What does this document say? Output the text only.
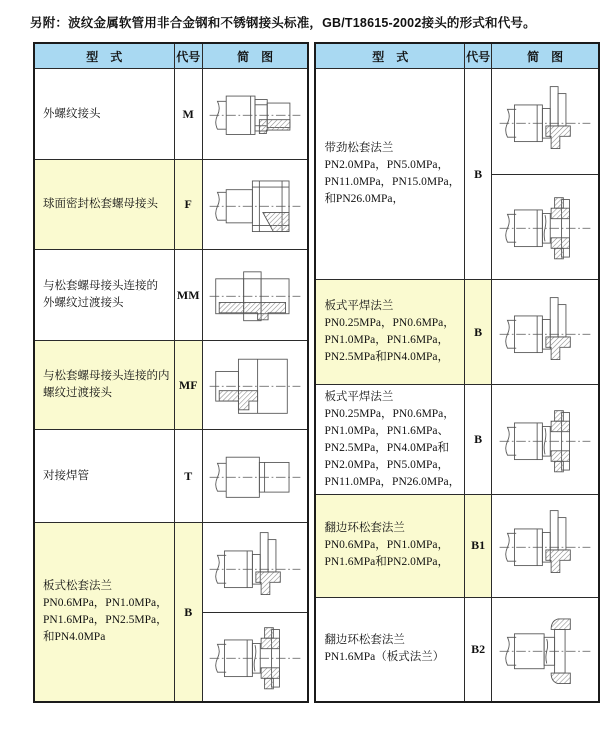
另附：波纹金属软管用非合金钢和不锈钢接头标准，GB/T18615-2002接头的形式和代号。
型　式	代号	简　图

外螺纹接头	M	

球面密封松套螺母接头	F	

与松套螺母接头连接的
外螺纹过渡接头	MM	

与松套螺母接头连接的内
螺纹过渡接头	MF	

对接焊管	T	

板式松套法兰
PN0.6MPa，PN1.0MPa，
PN1.6MPa，PN2.5MPa，
和PN4.0MPa	B	
型　式	代号	简　图

带劲松套法兰
PN2.0MPa，PN5.0MPa，
PN11.0MPa，PN15.0MPa，
和PN26.0MPa，	B	

板式平焊法兰
PN0.25MPa，PN0.6MPa，
PN1.0MPa，PN1.6MPa，
PN2.5MPa和PN4.0MPa，	B	

板式平焊法兰
PN0.25MPa，PN0.6MPa，
PN1.0MPa，PN1.6MPa、
PN2.5MPa，PN4.0MPa和
PN2.0MPa，PN5.0MPa，
PN11.0MPa，PN26.0MPa，
	B	

翻边环松套法兰
PN0.6MPa，PN1.0MPa，
PN1.6MPa和PN2.0MPa，	B1	

翻边环松套法兰
PN1.6MPa（板式法兰）	B2	
